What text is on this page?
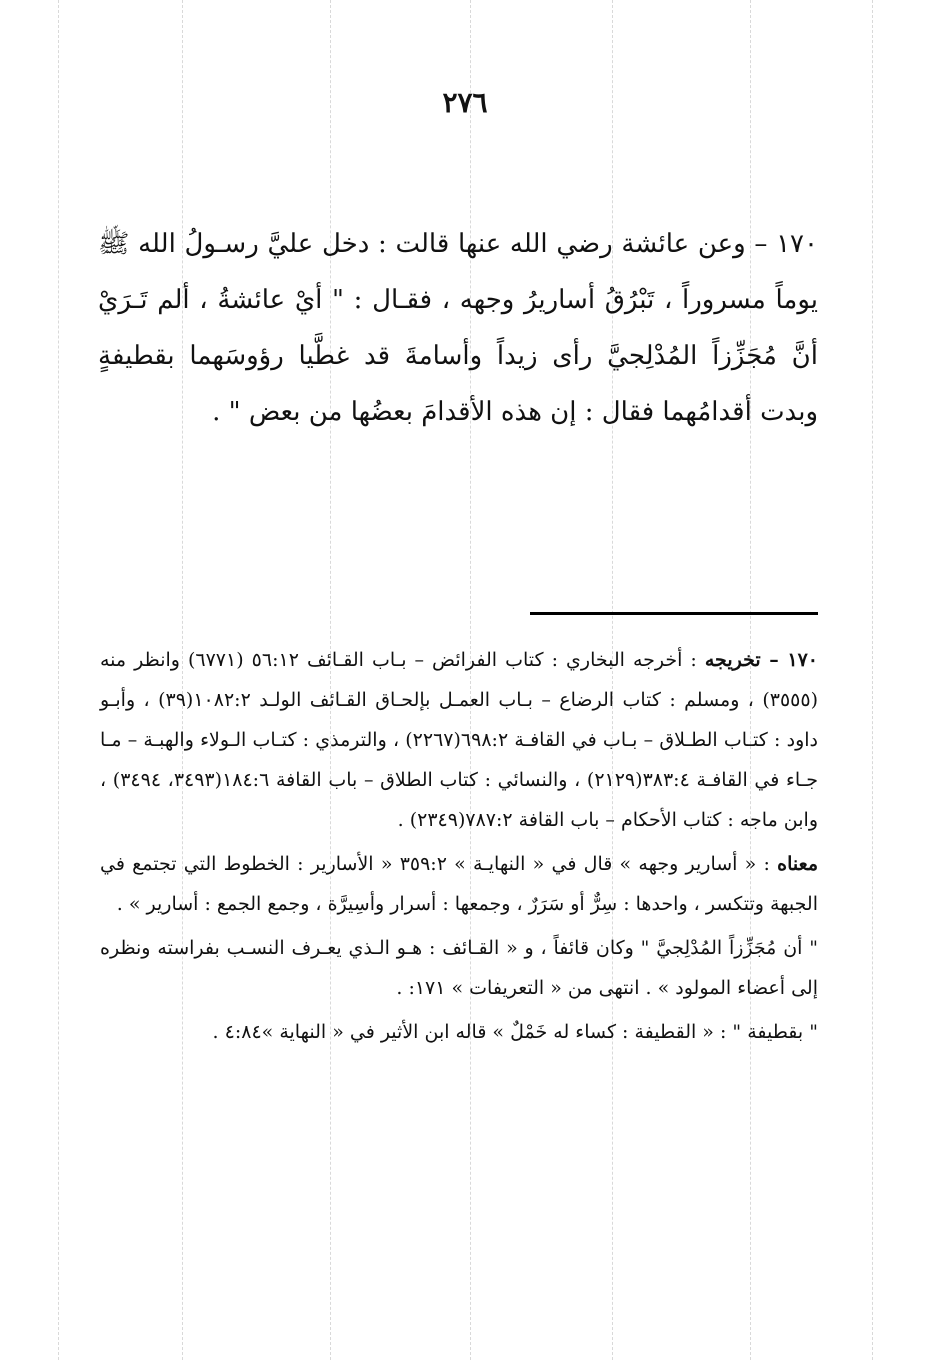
٢٧٦

١٧٠ – وعن عائشة رضي الله عنها قالت : دخل عليَّ رسـولُ الله ﷺ يوماً مسروراً ، تَبْرُقُ أساريرُ وجهه ، فقـال : " أيْ عائشةُ ، ألم تَـرَيْ أنَّ مُجَزِّزاً المُدْلِجيَّ رأى زيداً وأسامةَ قد غطَّيا رؤوسَهما بقطيفةٍ وبدت أقدامُهما فقال : إن هذه الأقدامَ بعضُها من بعض " .

١٧٠ – تخريجه : أخرجه البخاري : كتاب الفرائض – بـاب القـائف ٥٦:١٢ (٦٧٧١) وانظر منه (٣٥٥٥) ، ومسلم : كتاب الرضاع – بـاب العمـل بإلحـاق القـائف الولـد ١٠٨٢:٢(٣٩) ، وأبـو داود : كتـاب الطـلاق – بـاب في القافـة ٦٩٨:٢(٢٢٦٧) ، والترمذي : كتـاب الـولاء والهبـة – مـا جـاء في القافـة ٣٨٣:٤(٢١٢٩) ، والنسائي : كتاب الطلاق – باب القافة ١٨٤:٦(٣٤٩٣، ٣٤٩٤) ، وابن ماجه : كتاب الأحكام – باب القافة ٧٨٧:٢(٢٣٤٩) .

معناه : « أسارير وجهه » قال في « النهايـة » ٣٥٩:٢ « الأسارير : الخطوط التي تجتمع في الجبهة وتتكسر ، واحدها : سِرٌّ أو سَرَرٌ ، وجمعها : أسرار وأسِيرَّة ، وجمع الجمع : أسارير » .

" أن مُجَزِّزاً المُدْلِجيَّ " وكان قائفاً ، و « القـائف : هـو الـذي يعـرف النسـب بفراسته ونظره إلى أعضاء المولود » . انتهى من « التعريفات » ١٧١: .

" بقطيفة " : « القطيفة : كساء له خَمْلٌ » قاله ابن الأثير في « النهاية »٤:٨٤ .
